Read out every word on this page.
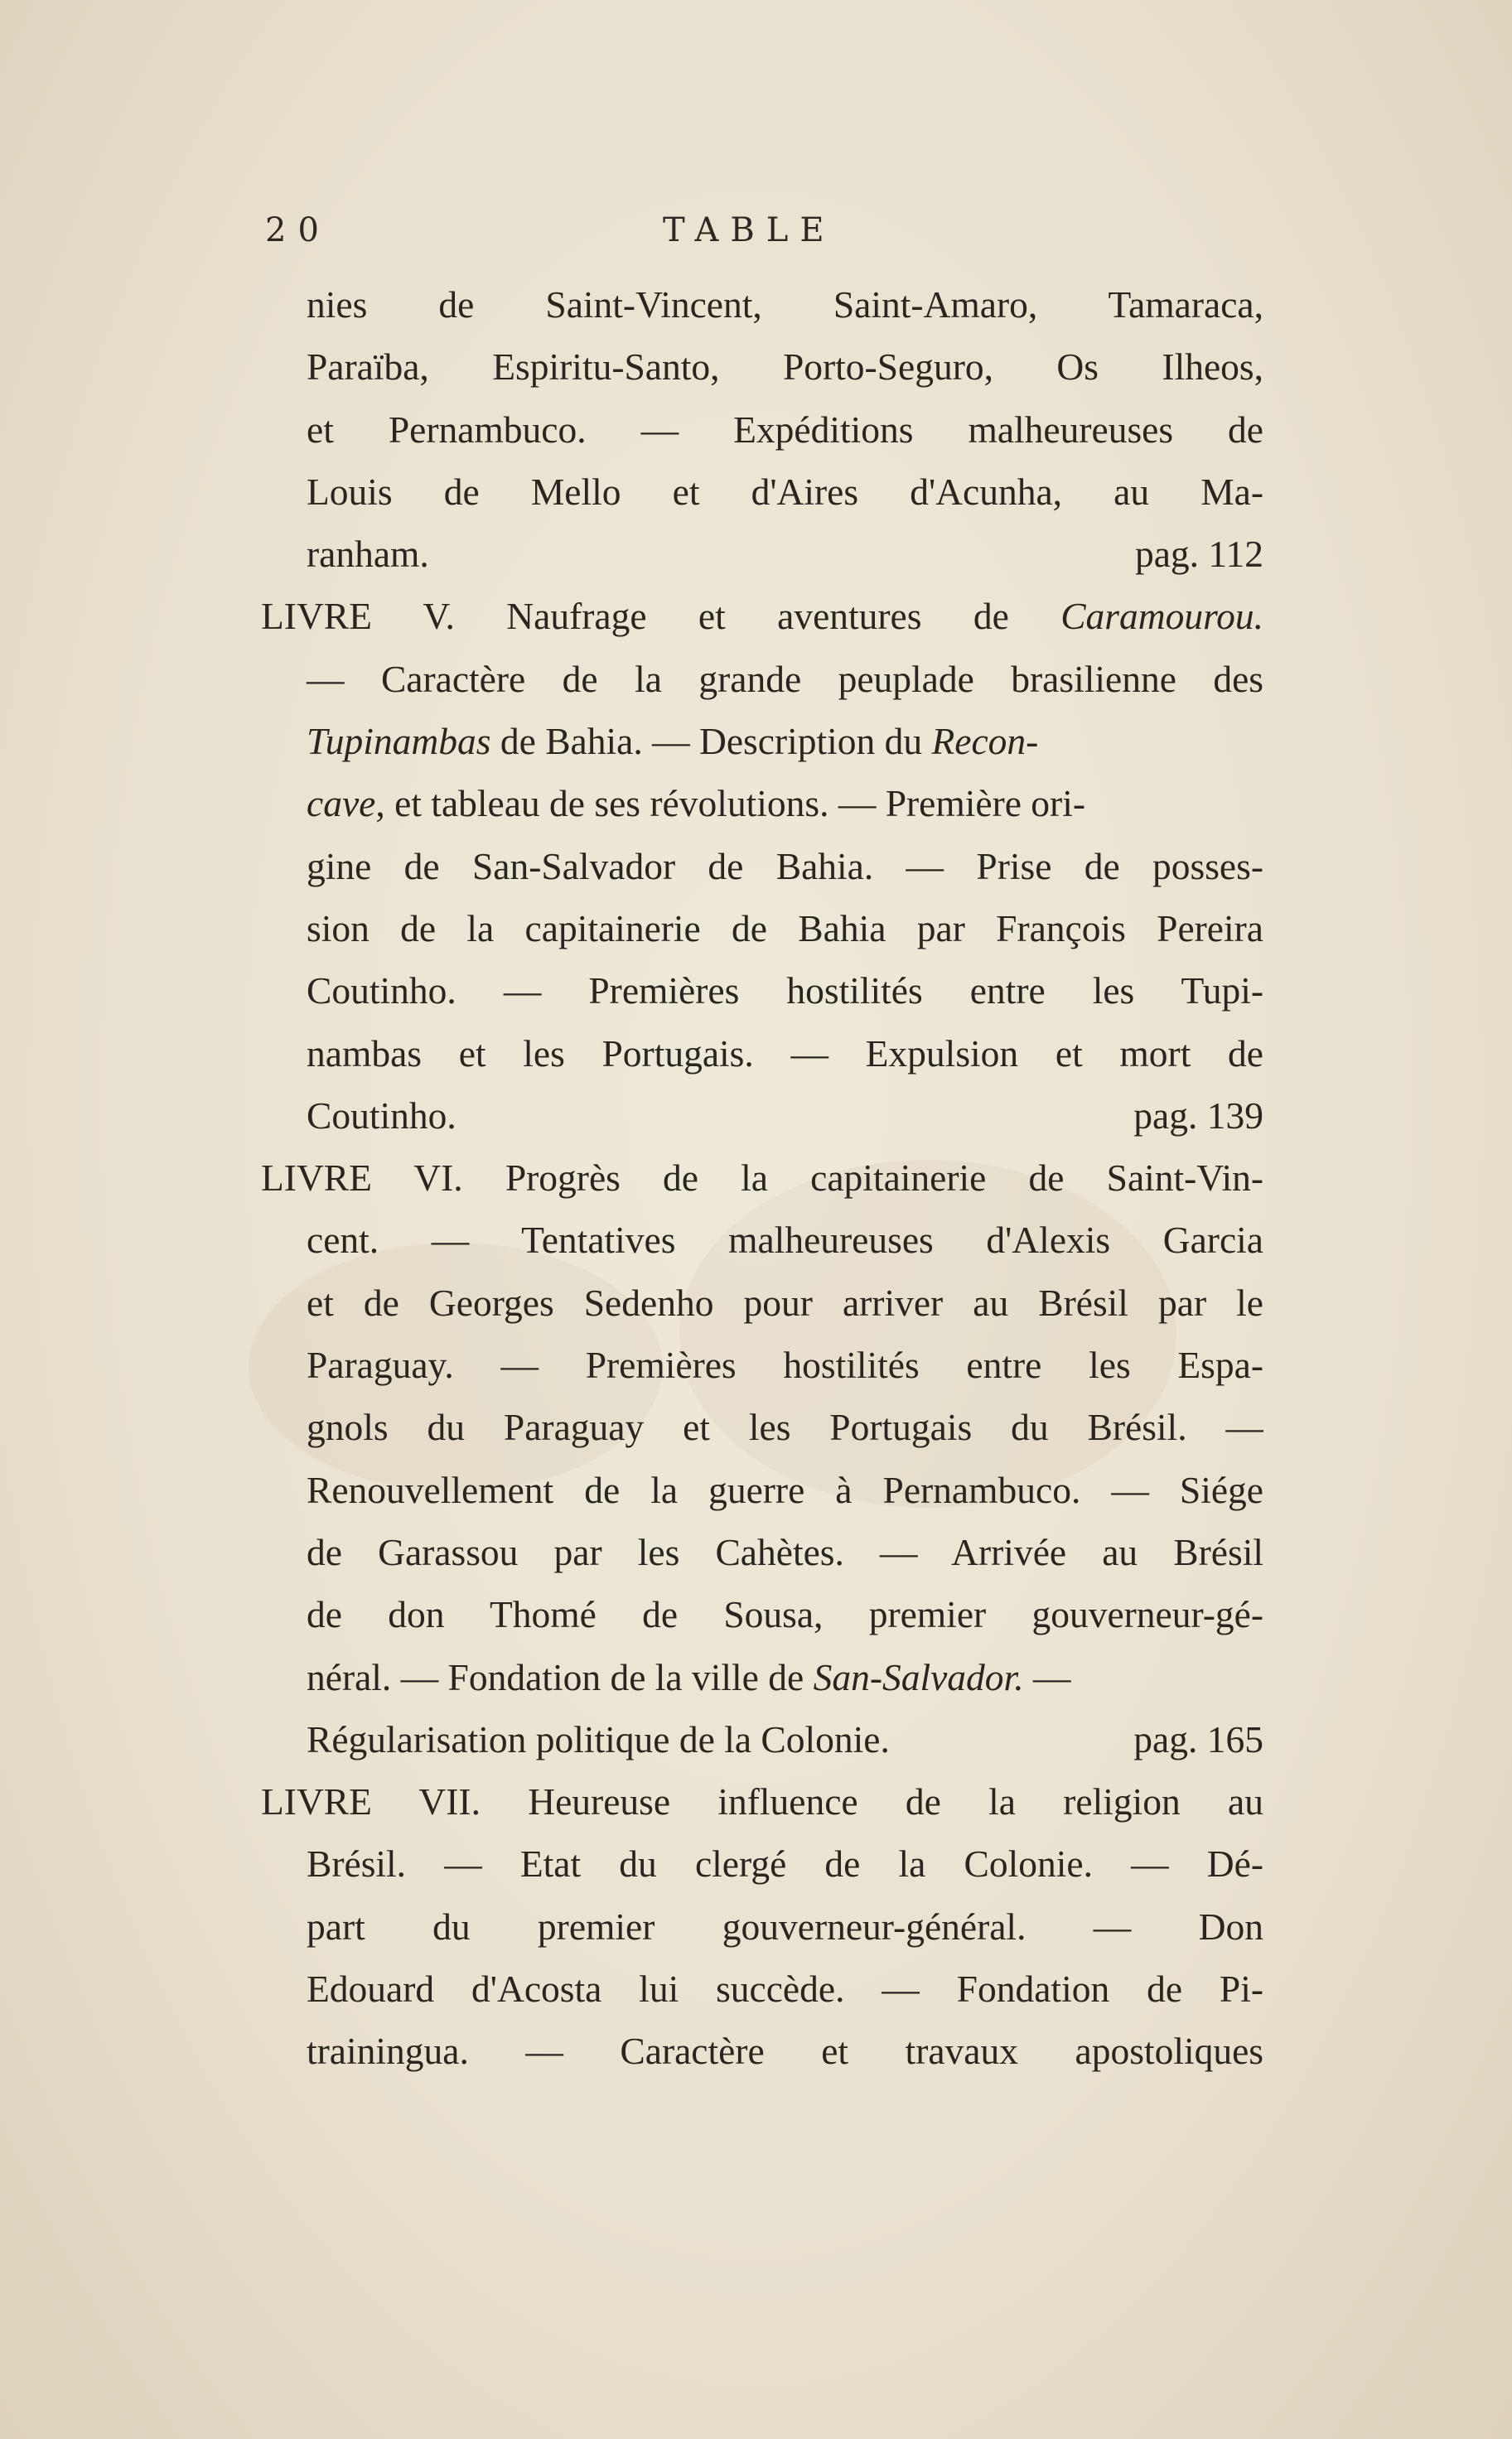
20	TABLE
nies de Saint-Vincent, Saint-Amaro, Tamaraca,
Paraïba, Espiritu-Santo, Porto-Seguro, Os Ilheos,
et Pernambuco. — Expéditions malheureuses de
Louis de Mello et d'Aires d'Acunha, au Ma-
ranham.	pag. 112
LIVRE V. Naufrage et aventures de Caramourou.
— Caractère de la grande peuplade brasilienne des
Tupinambas de Bahia. — Description du Recon-
cave, et tableau de ses révolutions. — Première ori-
gine de San-Salvador de Bahia. — Prise de posses-
sion de la capitainerie de Bahia par François Pereira
Coutinho. — Premières hostilités entre les Tupi-
nambas et les Portugais. — Expulsion et mort de
Coutinho.	pag. 139
LIVRE VI. Progrès de la capitainerie de Saint-Vin-
cent. — Tentatives malheureuses d'Alexis Garcia
et de Georges Sedenho pour arriver au Brésil par le
Paraguay. — Premières hostilités entre les Espa-
gnols du Paraguay et les Portugais du Brésil. —
Renouvellement de la guerre à Pernambuco. — Siége
de Garassou par les Cahètes. — Arrivée au Brésil
de don Thomé de Sousa, premier gouverneur-gé-
néral. — Fondation de la ville de San-Salvador. —
Régularisation politique de la Colonie.	pag. 165
LIVRE VII. Heureuse influence de la religion au
Brésil. — Etat du clergé de la Colonie. — Dé-
part du premier gouverneur-général. — Don
Edouard d'Acosta lui succède. — Fondation de Pi-
trainingua. — Caractère et travaux apostoliques
